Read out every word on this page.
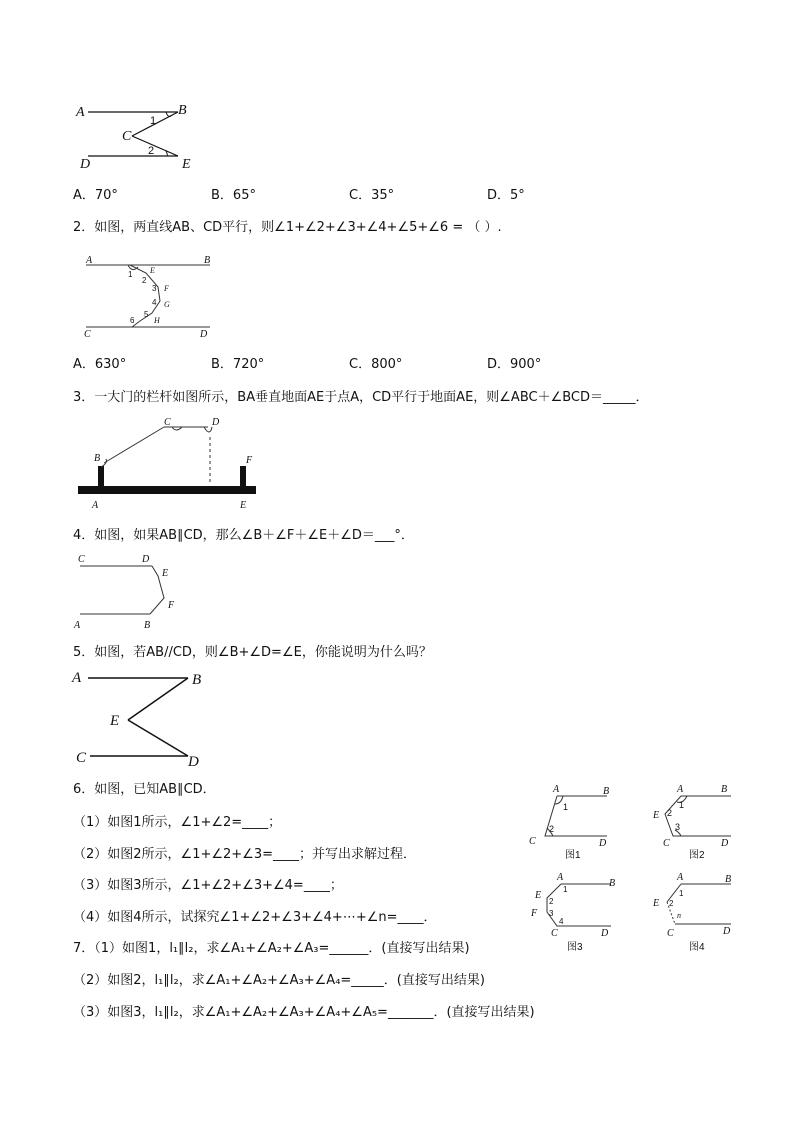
A	B
C
D	E
1
2
A．70°	B．65°	C．35°	D．5°
2．如图，两直线AB、CD平行，则∠1+∠2+∠3+∠4+∠5+∠6 = （ ）.
A	B
C	D
E
F
G
H
1
2
3
4
5
6
A．630°	B．720°	C．800°	D．900°
3．一大门的栏杆如图所示，BA垂直地面AE于点A，CD平行于地面AE，则∠ABC＋∠BCD＝_____．
B
C	D
F
A	E
4．如图，如果AB∥CD，那么∠B＋∠F＋∠E＋∠D＝___°．
C	D
E
F
A	B
5．如图，若AB//CD，则∠B+∠D=∠E，你能说明为什么吗？
A	B
E
C	D
6．如图，已知AB∥CD．
（1）如图1所示，∠1+∠2=____；
（2）如图2所示，∠1+∠2+∠3=____；并写出求解过程．
（3）如图3所示，∠1+∠2+∠3+∠4=____；
（4）如图4所示，试探究∠1+∠2+∠3+∠4+⋯+∠n=____．
A	B
C	D
1
2
图1
A	B
E
C	D
1
2
3
图2
A
B
E
F
C	D
1
2
3
4
图3
A	B
E
C	D
1
2
n
图4
7．（1）如图1，l₁∥l₂，求∠A₁+∠A₂+∠A₃=______．(直接写出结果)
（2）如图2，l₁∥l₂，求∠A₁+∠A₂+∠A₃+∠A₄=_____．(直接写出结果)
（3）如图3，l₁∥l₂，求∠A₁+∠A₂+∠A₃+∠A₄+∠A₅=_______．(直接写出结果)
